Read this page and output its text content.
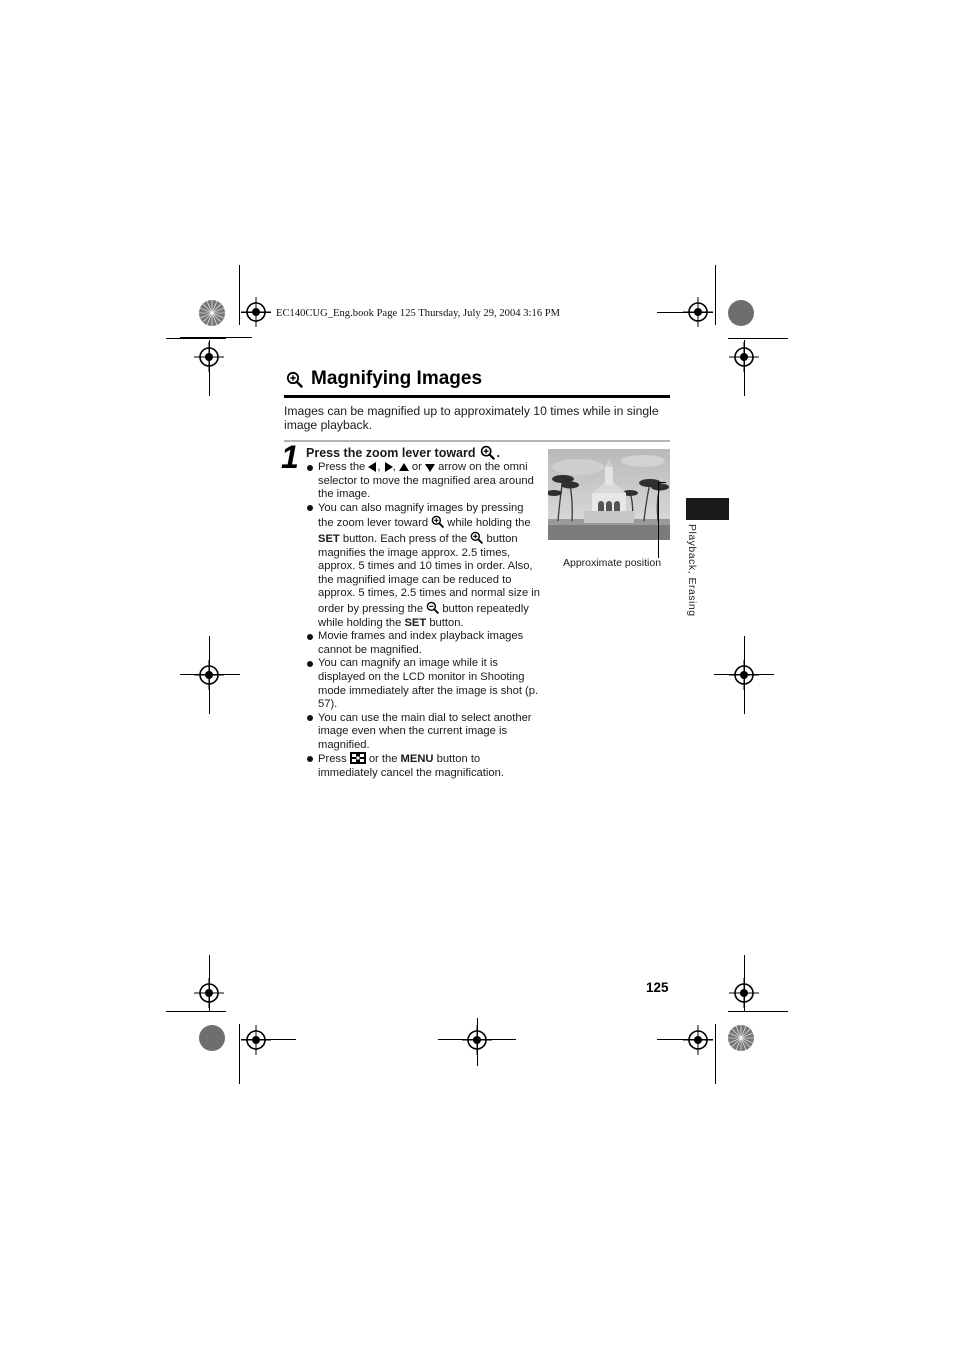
EC140CUG_Eng.book Page 125 Thursday, July 29, 2004 3:16 PM
Magnifying Images
Images can be magnified up to approximately 10 times while in single image playback.
1 Press the zoom lever toward .
Press the , ,  or  arrow on the omni selector to move the magnified area around the image.
You can also magnify images by pressing the zoom lever toward  while holding the SET button. Each press of the  button magnifies the image approx. 2.5 times, approx. 5 times and 10 times in order. Also, the magnified image can be reduced to approx. 5 times, 2.5 times and normal size in order by pressing the  button repeatedly while holding the SET button.
Movie frames and index playback images cannot be magnified.
You can magnify an image while it is displayed on the LCD monitor in Shooting mode immediately after the image is shot (p. 57).
You can use the main dial to select another image even when the current image is magnified.
Press  or the MENU button to immediately cancel the magnification.
Approximate position Playback, Erasing
125
